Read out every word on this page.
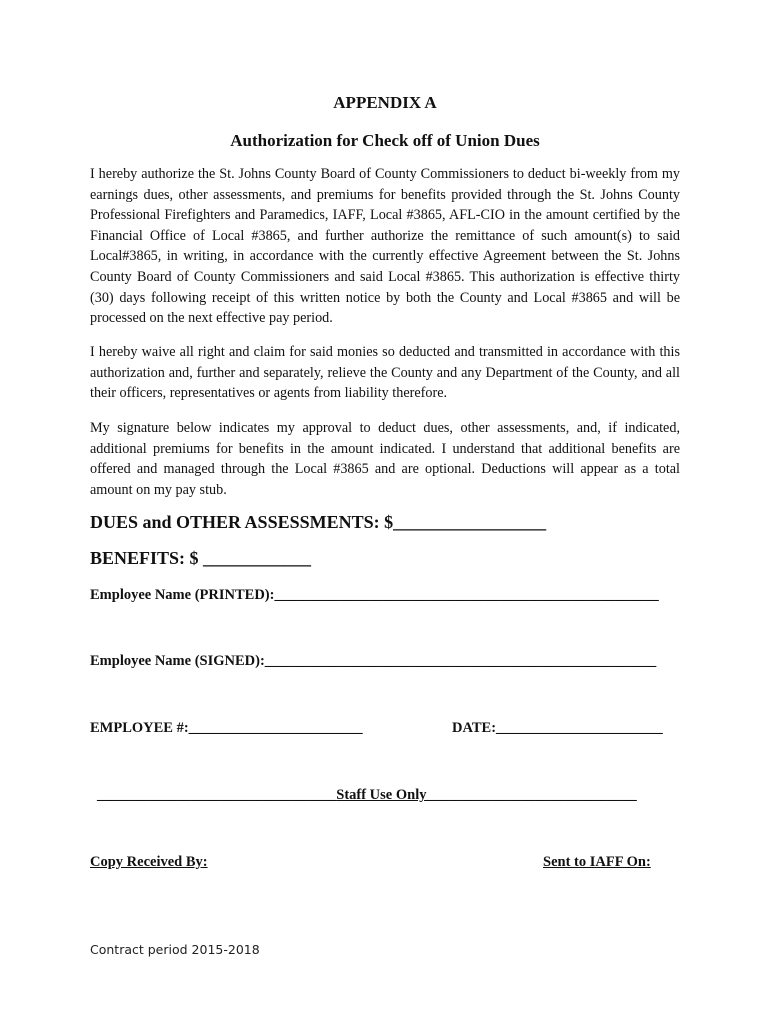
APPENDIX A
Authorization for Check off of Union Dues

I hereby authorize the St. Johns County Board of County Commissioners to deduct bi-weekly from my earnings dues, other assessments, and premiums for benefits provided through the St. Johns County Professional Firefighters and Paramedics, IAFF, Local #3865, AFL-CIO in the amount certified by the Financial Office of Local #3865, and further authorize the remittance of such amount(s) to said Local#3865, in writing, in accordance with the currently effective Agreement between the St. Johns County Board of County Commissioners and said Local #3865. This authorization is effective thirty (30) days following receipt of this written notice by both the County and Local #3865 and will be processed on the next effective pay period.

I hereby waive all right and claim for said monies so deducted and transmitted in accordance with this authorization and, further and separately, relieve the County and any Department of the County, and all their officers, representatives or agents from liability therefore.

My signature below indicates my approval to deduct dues, other assessments, and, if indicated, additional premiums for benefits in the amount indicated. I understand that additional benefits are offered and managed through the Local #3865 and are optional. Deductions will appear as a total amount on my pay stub.

DUES and OTHER ASSESSMENTS: $_________________
BENEFITS: $ ____________
Employee Name (PRINTED):_____________________________________________________
Employee Name (SIGNED):______________________________________________________
EMPLOYEE #:________________________	DATE:_______________________
_________________________________Staff Use Only_____________________________
Copy Received By:	Sent to IAFF On:
Contract period 2015-2018
